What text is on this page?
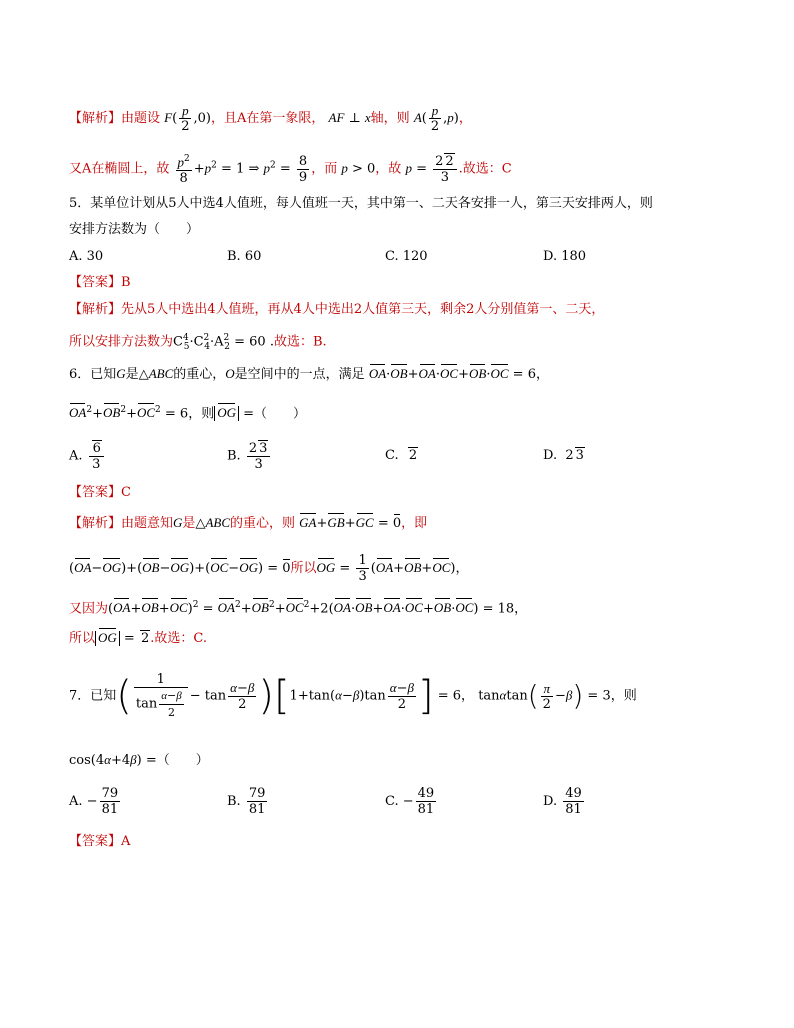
【解析】由题设 $F( \frac{p}{2} ,0)$，且A在第一象限， AF ⊥ x轴，则 $A( \frac{p}{2} ,p)$，
又A在椭圆上，故 $\frac{p^2}{8} +p^2 = 1$ ⇒ $p^2 = \frac{8}{9}$ ，而 p > 0，故 $p = \frac{2 2}{3}$ .故选：C
5．某单位计划从5人中选4人值班，每人值班一天，其中第一、二天各安排一人，第三天安排两人，则
安排方法数为（　　）
A. 30	B. 60	C. 120	D. 180
【答案】B
【解析】先从5人中选出4人值班，再从4人中选出2人值第三天，剩余2人分别值第一、二天，
所以安排方法数为$C^4_5\cdot C^2_4\cdot A^2_2 = 60$ .故选：B.
6．已知G是△ABC的重心，O是空间中的一点，满足 OA·OB+OA·OC+OB·OC = 6，
$OA^2+OB^2+OC^2 = 6$，则 OG =（　　）
A. $\frac{6}{3}$	B. $\frac{2 3}{3}$	C. 2	D.  2 3
【答案】C
【解析】由题意知G是△ABC的重心，则 GA+GB+GC = 0，即
(OA−OG)+(OB−OG)+(OC−OG) = 0所以OG = $\frac{1}{3} (OA+OB+OC)$，
又因为$(OA+OB+OC)^2 = OA^2+OB^2+OC^2+2(OA\cdot OB+OA\cdot OC+OB\cdot OC) = 18$，
所以 OG = 2.故选：C.
7．已知( $\frac{1}{\tan \frac{\alpha-\beta}{2}} - \tan \frac{\alpha-\beta}{2} )[1+\tan(\alpha-\beta)\tan \frac{\alpha-\beta}{2}$ ] = 6， $\tan\alpha\tan( \frac{\pi}{2} -\beta) = 3$，则
cos(4α+4β) =（　　）
A. − $\frac{79}{81}$	B. $\frac{79}{81}$	C. − $\frac{49}{81}$	D. $\frac{49}{81}$
【答案】A
